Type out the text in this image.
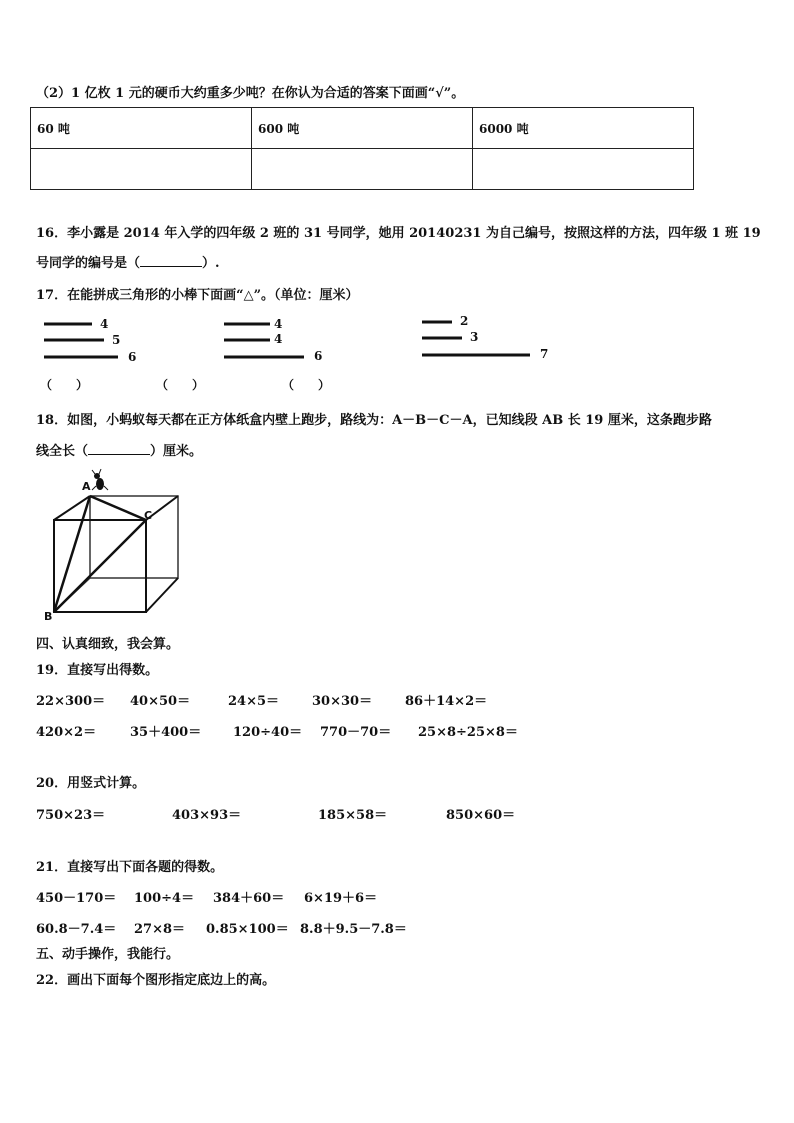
（2）1 亿枚 1 元的硬币大约重多少吨？在你认为合适的答案下面画“√”。
60 吨	600 吨	6000 吨

16．李小露是 2014 年入学的四年级 2 班的 31 号同学，她用 20140231 为自己编号，按照这样的方法，四年级 1 班 19
号同学的编号是（	）.
17．在能拼成三角形的小棒下面画“△”。（单位：厘米）
4
5
6
4
4
6
2
3
7
（　　）	（　　）	（　　）
18．如图，小蚂蚁每天都在正方体纸盒内壁上跑步，路线为：A－B－C－A，已知线段 AB 长 19 厘米，这条跑步路
线全长（	）厘米。
A
B
C
四、认真细致，我会算。
19．直接写出得数。
22×300＝ 40×50＝	24×5＝	30×30＝	86＋14×2＝
420×2＝	35＋400＝ 120÷40＝ 770－70＝ 25×8÷25×8＝
20．用竖式计算。
750×23＝	403×93＝	185×58＝	850×60＝
21．直接写出下面各题的得数。
450－170＝ 100÷4＝ 384＋60＝ 6×19＋6＝
60.8－7.4＝ 27×8＝ 0.85×100＝ 8.8＋9.5－7.8＝
五、动手操作，我能行。
22．画出下面每个图形指定底边上的高。
